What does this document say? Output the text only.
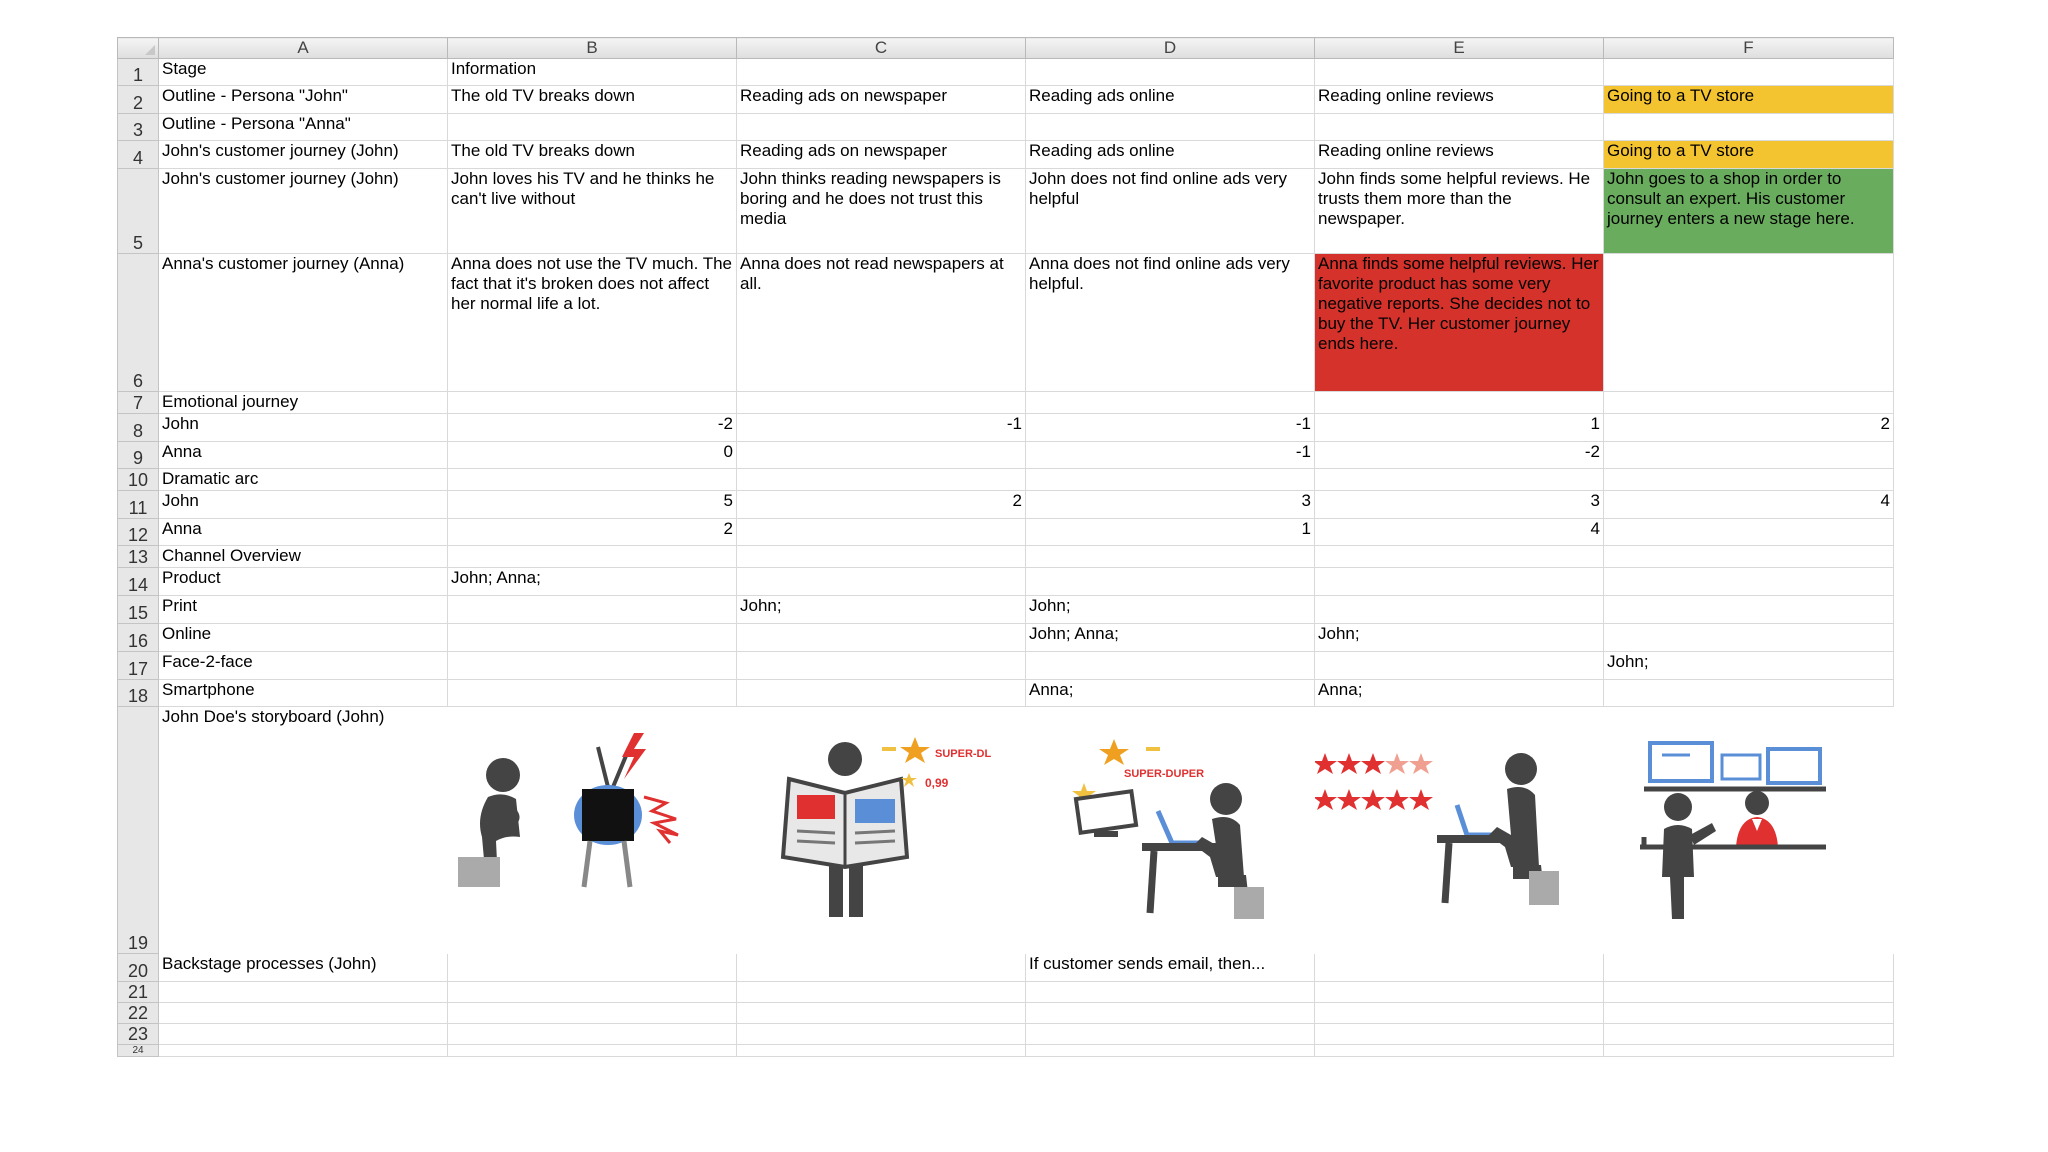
	A	B	C	D	E	F
1	Stage	Information				
2	Outline - Persona "John"	The old TV breaks down	Reading ads on newspaper	Reading ads online	Reading online reviews	Going to a TV store
3	Outline - Persona "Anna"					
4	John's customer journey (John)	The old TV breaks down	Reading ads on newspaper	Reading ads online	Reading online reviews	Going to a TV store
5	John's customer journey (John)	John loves his TV and he thinks he can't live without	John thinks reading newspapers is boring and he does not trust this media	John does not find online ads very helpful	John finds some helpful reviews. He trusts them more than the newspaper.	John goes to a shop in order to consult an expert. His customer journey enters a new stage here.
6	Anna's customer journey (Anna)	Anna does not use the TV much. The fact that it's broken does not affect her normal life a lot.	Anna does not read newspapers at all.	Anna does not find online ads very helpful.	Anna finds some helpful reviews. Her favorite product has some very negative reports. She decides not to buy the TV. Her customer journey ends here.	
7	Emotional journey					
8	John	-2	-1	-1	1	2
9	Anna	0		-1	-2	
10	Dramatic arc					
11	John	5	2	3	3	4
12	Anna	2		1	4	
13	Channel Overview					
14	Product	John; Anna;				
15	Print		John;	John;		
16	Online			John; Anna;	John;	
17	Face-2-face					John;
18	Smartphone			Anna;	Anna;	
19	John Doe's storyboard (John)		SUPER-DL
0,99	SUPER-DUPER

20	Backstage processes (John)			If customer sends email, then...		
21						
22						
23						
24						
